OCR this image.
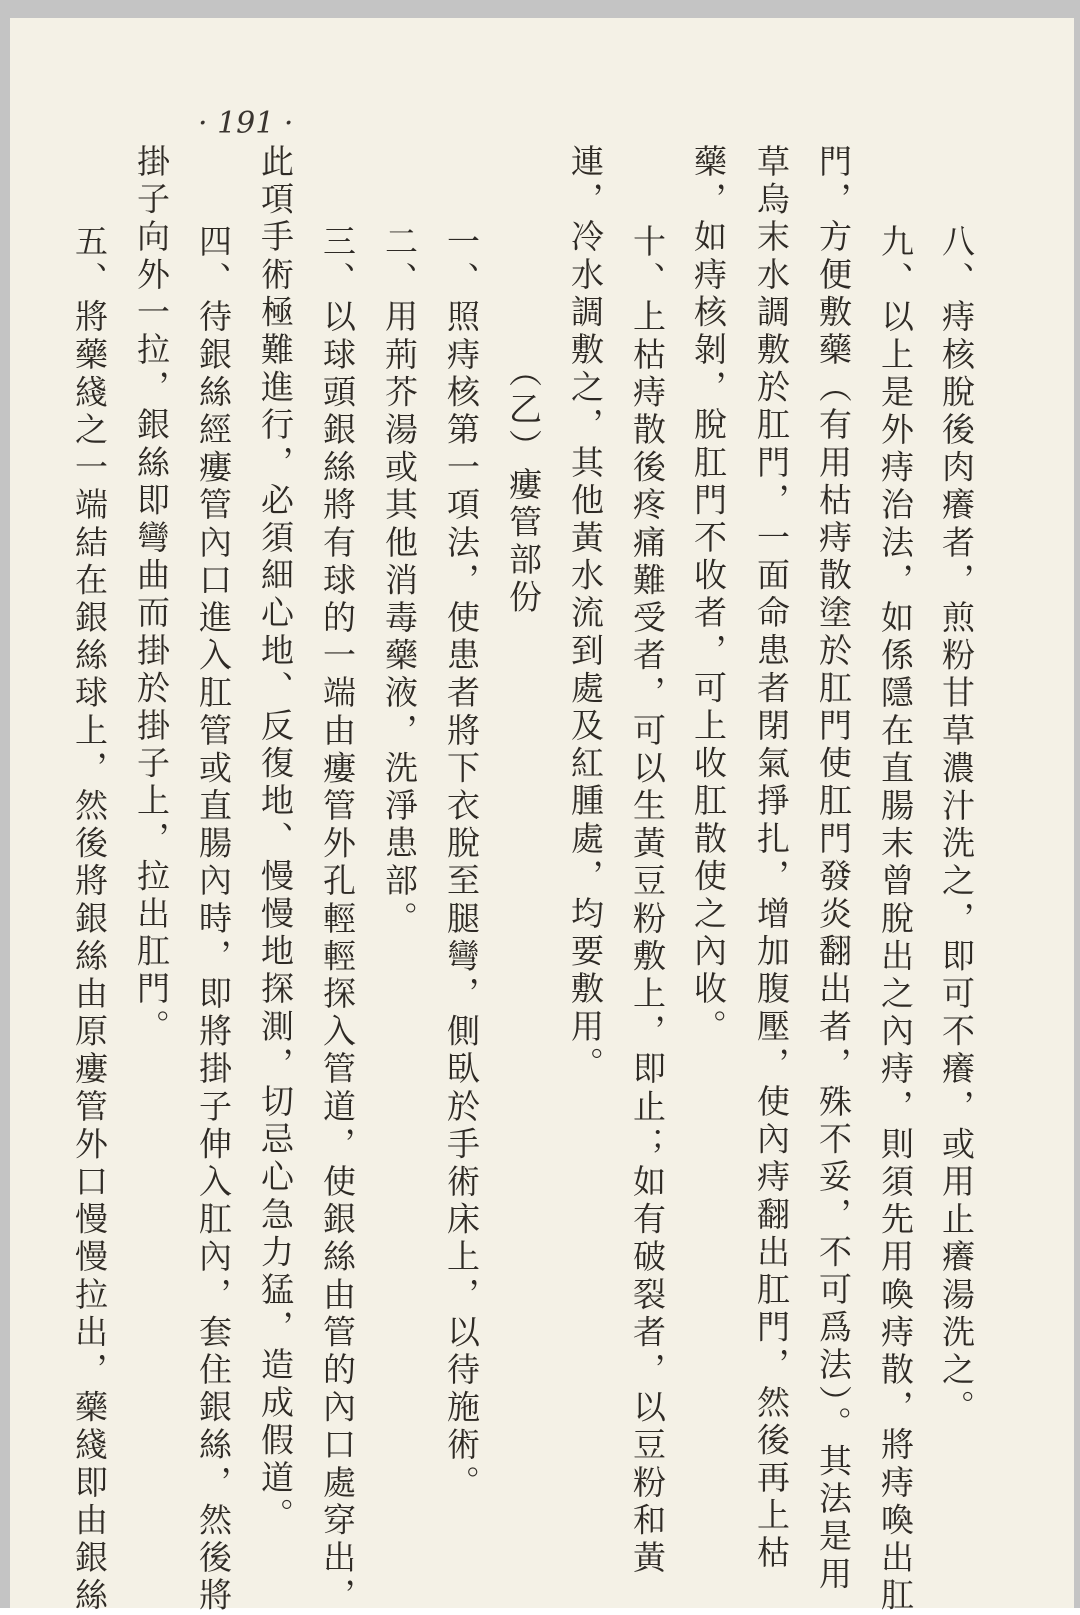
· 191 ·
八、痔核脫後肉癢者，煎粉甘草濃汁洗之，即可不癢，或用止癢湯洗之。
九、以上是外痔治法，如係隱在直腸末曾脫出之內痔，則須先用喚痔散，將痔喚出肛
門，方便敷藥（有用枯痔散塗於肛門使肛門發炎翻出者，殊不妥，不可爲法）。其法是用
草烏末水調敷於肛門，一面命患者閉氣掙扎，增加腹壓，使內痔翻出肛門，然後再上枯
藥，如痔核剝，脫肛門不收者，可上收肛散使之內收。
十、上枯痔散後疼痛難受者，可以生黃豆粉敷上，即止；如有破裂者，以豆粉和黃
連，冷水調敷之，其他黃水流到處及紅腫處，均要敷用。
（乙）瘻管部份
一、照痔核第一項法，使患者將下衣脫至腿彎，側臥於手術床上，以待施術。
二、用荊芥湯或其他消毒藥液，洗淨患部。
三、以球頭銀絲將有球的一端由瘻管外孔輕輕探入管道，使銀絲由管的內口處穿出，
此項手術極難進行，必須細心地、反復地、慢慢地探測，切忌心急力猛，造成假道。
四、待銀絲經瘻管內口進入肛管或直腸內時，即將掛子伸入肛內，套住銀絲，然後將
掛子向外一拉，銀絲即彎曲而掛於掛子上，拉出肛門。
五、將藥綫之一端結在銀絲球上，然後將銀絲由原瘻管外口慢慢拉出，藥綫即由銀絲
